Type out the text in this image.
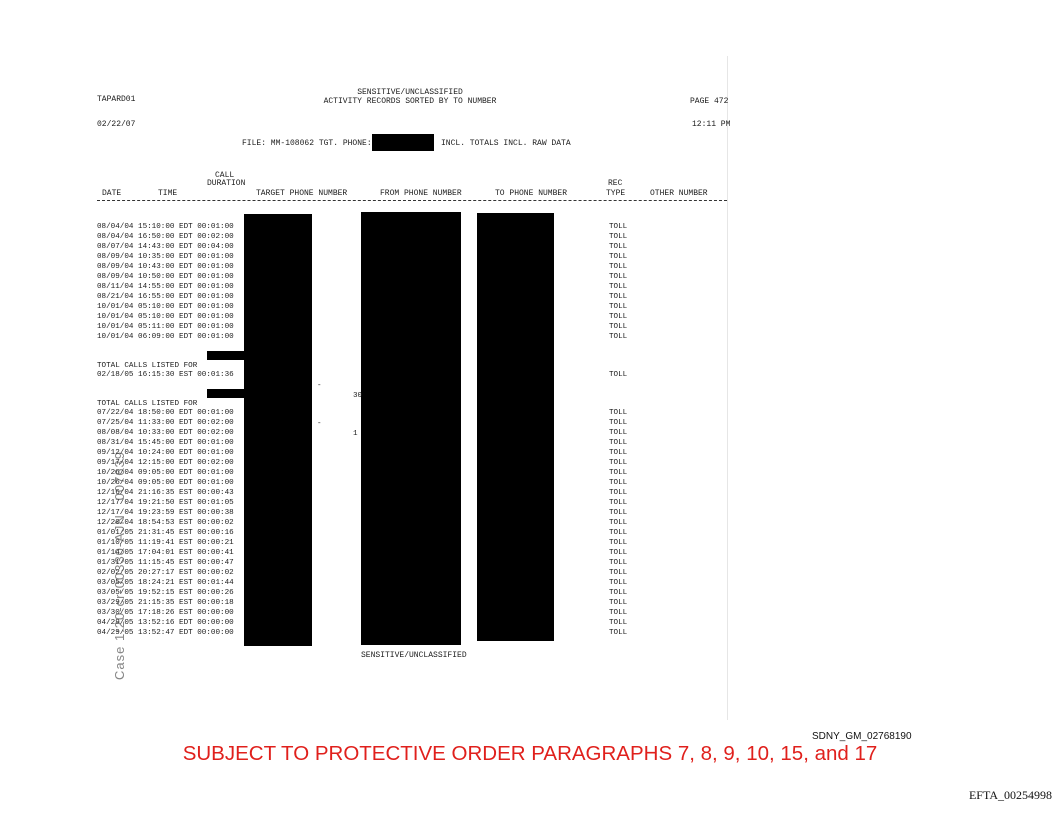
TAPARD01
02/22/07
SENSITIVE/UNCLASSIFIED
ACTIVITY RECORDS SORTED BY TO NUMBER	PAGE 472
12:11 PM
FILE: MM-108062 TGT. PHONE:	INCL. TOTALS INCL. RAW DATA
CALL
DURATION	REC
DATE	TIME	TARGET PHONE NUMBER	FROM PHONE NUMBER	TO PHONE NUMBER	TYPE	OTHER NUMBER
08/04/04 15:10:00 EDT 00:01:00	TOLL
08/04/04 16:50:00 EDT 00:02:00	TOLL
08/07/04 14:43:00 EDT 00:04:00	TOLL
08/09/04 10:35:00 EDT 00:01:00	TOLL
08/09/04 10:43:00 EDT 00:01:00	TOLL
08/09/04 10:50:00 EDT 00:01:00	TOLL
08/11/04 14:55:00 EDT 00:01:00	TOLL
08/21/04 16:55:00 EDT 00:01:00	TOLL
10/01/04 05:10:00 EDT 00:01:00	TOLL
10/01/04 05:10:00 EDT 00:01:00	TOLL
10/01/04 05:11:00 EDT 00:01:00	TOLL
10/01/04 06:09:00 EDT 00:01:00	TOLL

TOTAL CALLS LISTED FOR

-

30

02/18/05 16:15:30 EST 00:01:36	TOLL

TOTAL CALLS LISTED FOR

-

1

07/22/04 18:50:00 EDT 00:01:00	TOLL
07/25/04 11:33:00 EDT 00:02:00	TOLL
08/08/04 10:33:00 EDT 00:02:00	TOLL
08/31/04 15:45:00 EDT 00:01:00	TOLL
09/12/04 10:24:00 EDT 00:01:00	TOLL
09/17/04 12:15:00 EDT 00:02:00	TOLL
10/26/04 09:05:00 EDT 00:01:00	TOLL
10/26/04 09:05:00 EDT 00:01:00	TOLL
12/16/04 21:16:35 EST 00:00:43	TOLL
12/17/04 19:21:50 EST 00:01:05	TOLL
12/17/04 19:23:59 EST 00:00:38	TOLL
12/20/04 18:54:53 EST 00:00:02	TOLL
01/01/05 21:31:45 EST 00:00:16	TOLL
01/10/05 11:19:41 EST 00:00:21	TOLL
01/14/05 17:04:01 EST 00:00:41	TOLL
01/31/05 11:15:45 EST 00:00:47	TOLL
02/02/05 20:27:17 EST 00:00:02	TOLL
03/05/05 18:24:21 EST 00:01:44	TOLL
03/05/05 19:52:15 EST 00:00:26	TOLL
03/29/05 21:15:35 EST 00:00:18	TOLL
03/30/05 17:18:26 EST 00:00:00	TOLL
04/29/05 13:52:16 EDT 00:00:00	TOLL
04/29/05 13:52:47 EDT 00:00:00	TOLL
SENSITIVE/UNCLASSIFIED
Case 1:20-cr-00330-AJN   007639
SDNY_GM_02768190
SUBJECT TO PROTECTIVE ORDER PARAGRAPHS 7, 8, 9, 10, 15, and 17
EFTA_00254998
